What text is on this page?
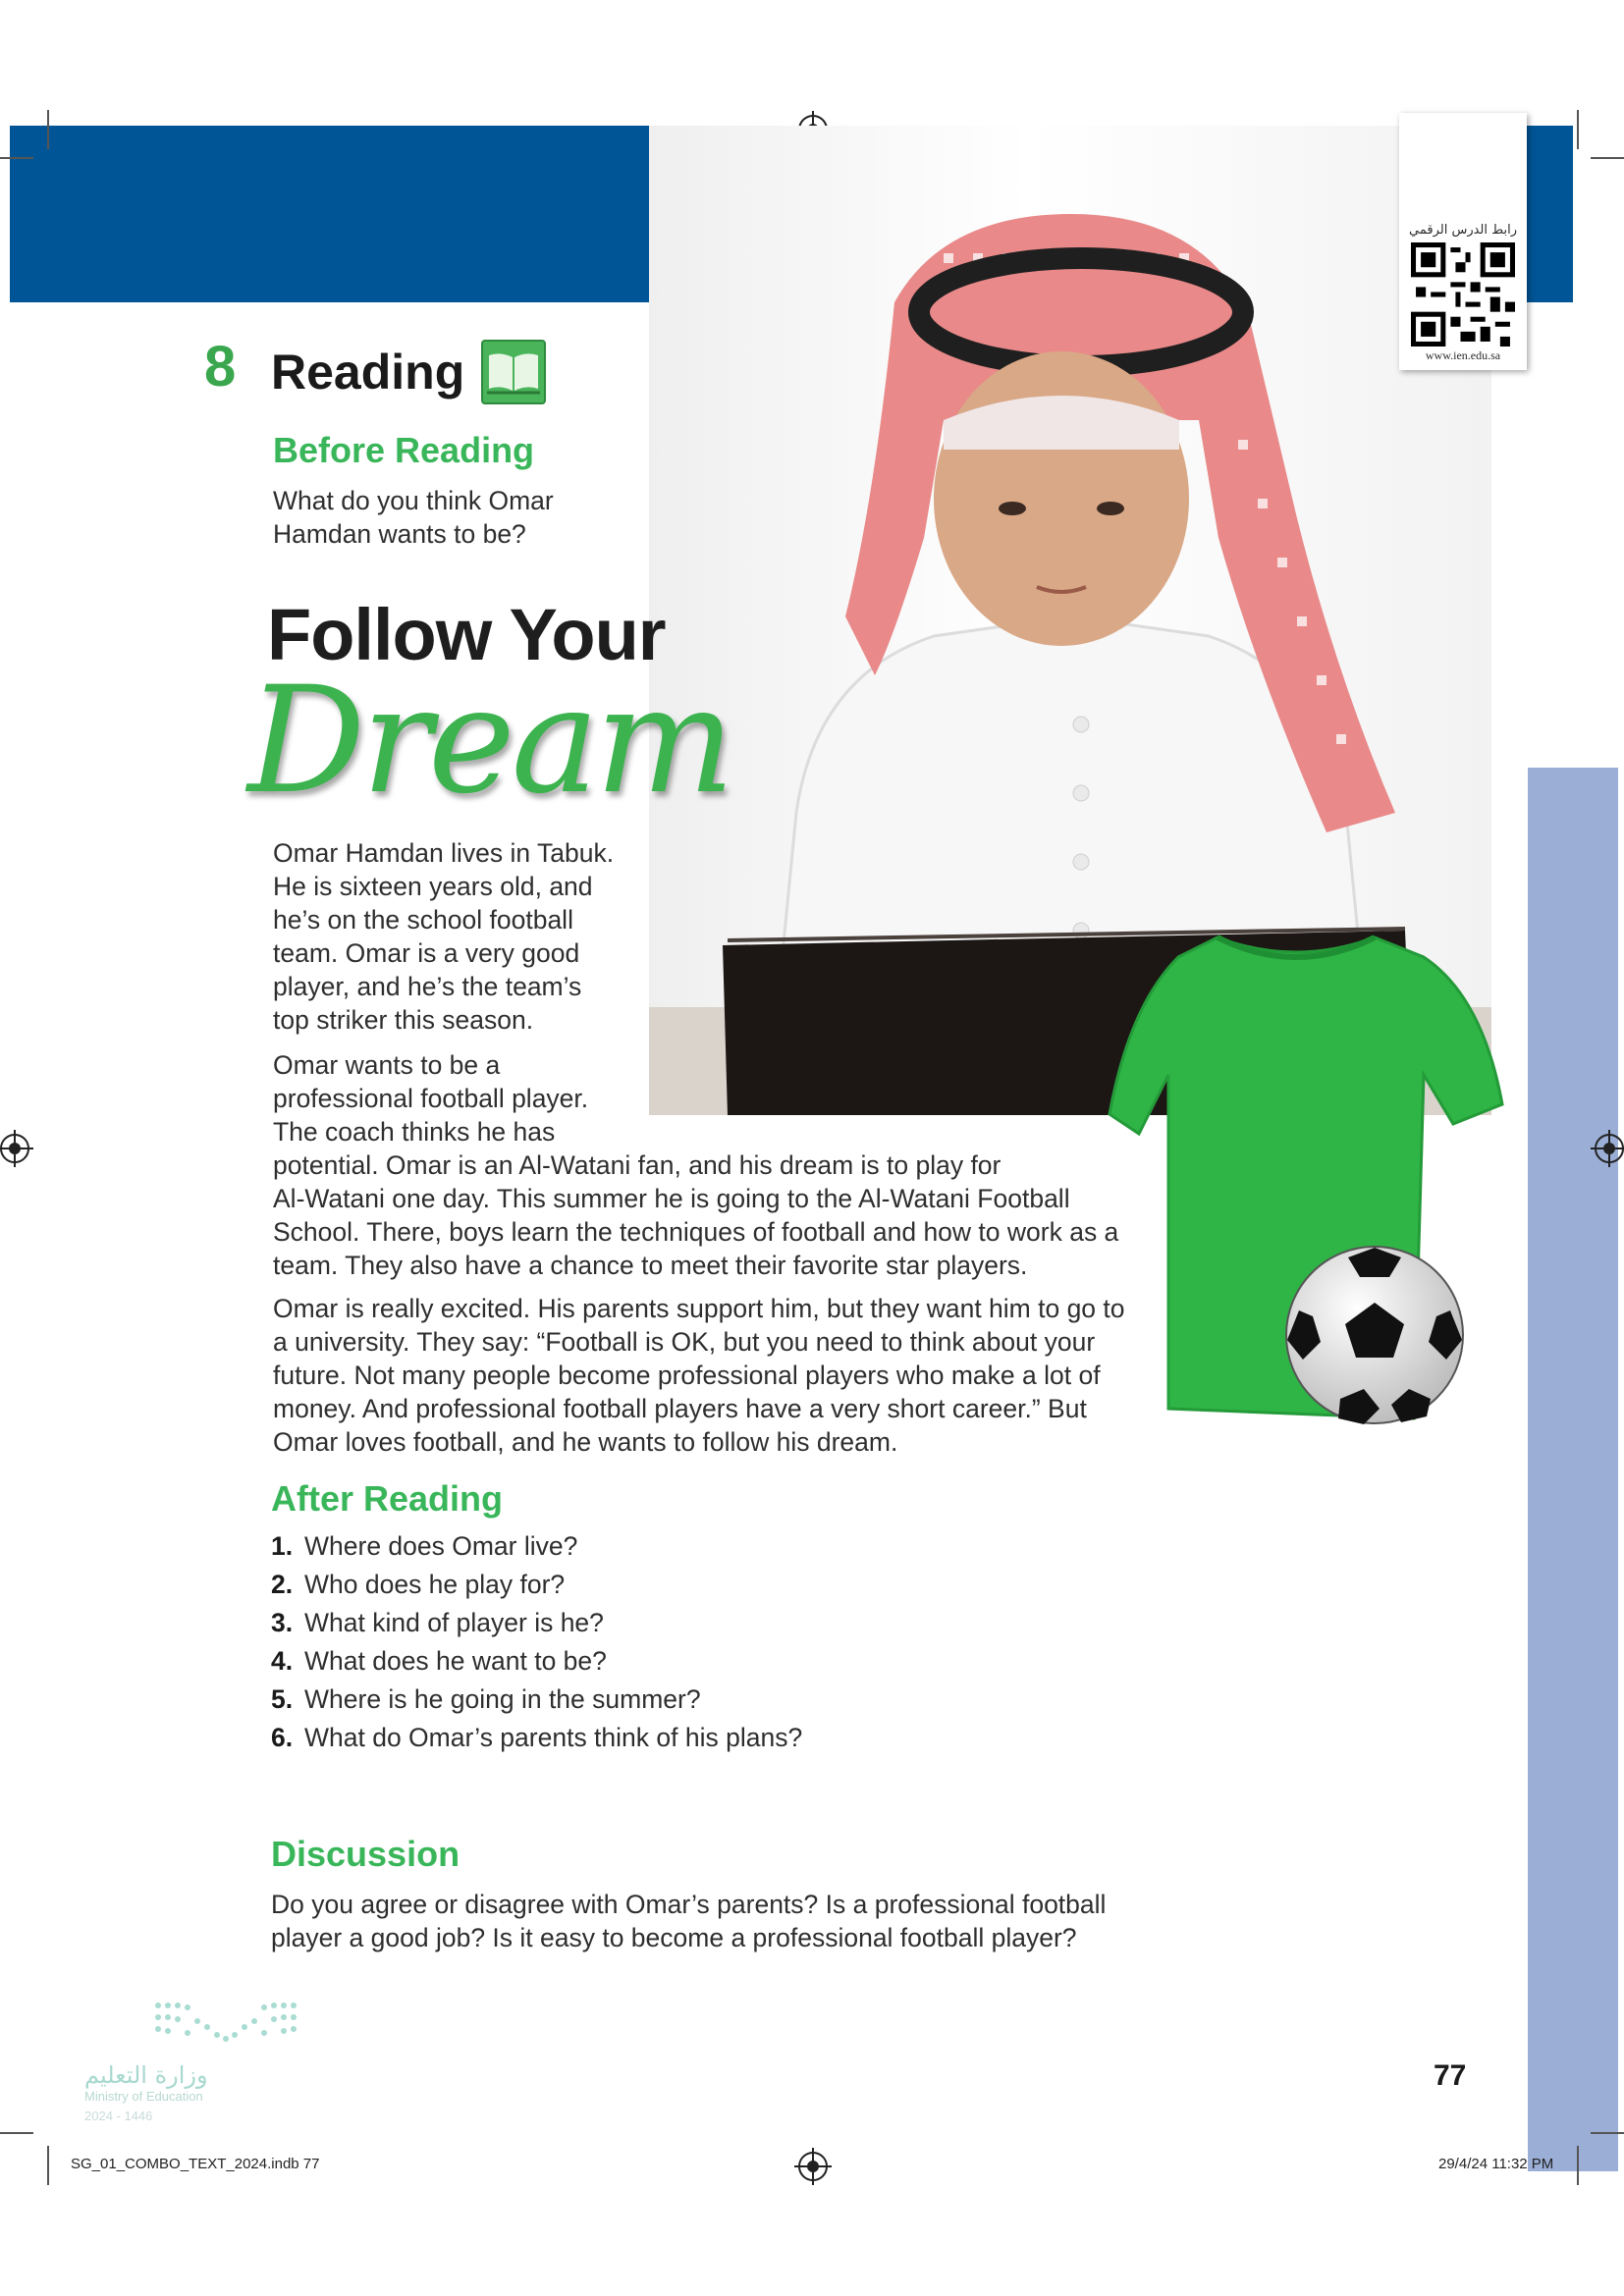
رابط الدرس الرقمي
www.ien.edu.sa
8 Reading
Before Reading
What do you think Omar
Hamdan wants to be?
Follow Your
Dream
Omar Hamdan lives in Tabuk.
He is sixteen years old, and
he’s on the school football
team. Omar is a very good
player, and he’s the team’s
top striker this season.
Omar wants to be a
professional football player.
The coach thinks he has
potential. Omar is an Al-Watani fan, and his dream is to play for
Al-Watani one day. This summer he is going to the Al-Watani Football
School. There, boys learn the techniques of football and how to work as a
team. They also have a chance to meet their favorite star players.
Omar is really excited. His parents support him, but they want him to go to
a university. They say: “Football is OK, but you need to think about your
future. Not many people become professional players who make a lot of
money. And professional football players have a very short career.” But
Omar loves football, and he wants to follow his dream.
After Reading
1. Where does Omar live?
2. Who does he play for?
3. What kind of player is he?
4. What does he want to be?
5. Where is he going in the summer?
6. What do Omar’s parents think of his plans?
Discussion
Do you agree or disagree with Omar’s parents? Is a professional football
player a good job? Is it easy to become a professional football player?
وزارة التعليم
Ministry of Education
2024 - 1446
77
SG_01_COMBO_TEXT_2024.indb 77	29/4/24 11:32 PM
